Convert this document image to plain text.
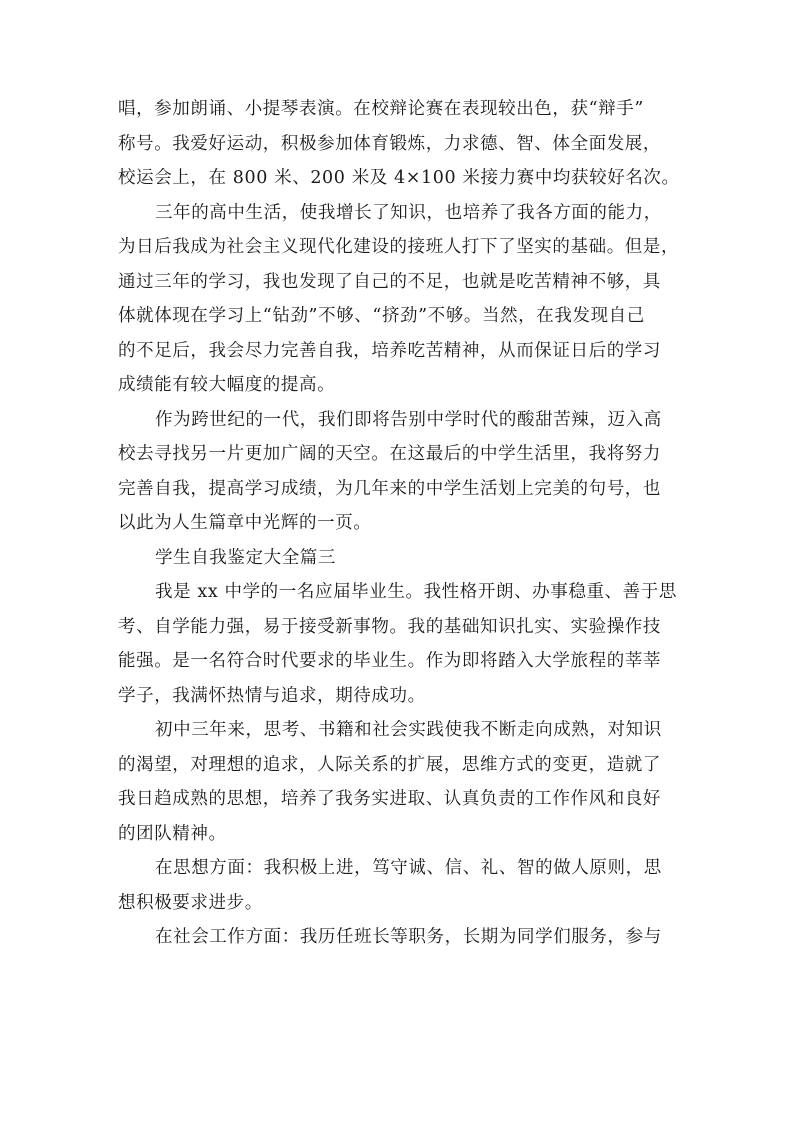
唱，参加朗诵、小提琴表演。在校辩论赛在表现较出色，获“辩手”
称号。我爱好运动，积极参加体育锻炼，力求德、智、体全面发展，
校运会上，在 800 米、200 米及 4×100 米接力赛中均获较好名次。
三年的高中生活，使我增长了知识，也培养了我各方面的能力，
为日后我成为社会主义现代化建设的接班人打下了坚实的基础。但是，
通过三年的学习，我也发现了自己的不足，也就是吃苦精神不够，具
体就体现在学习上“钻劲”不够、“挤劲”不够。当然，在我发现自己
的不足后，我会尽力完善自我，培养吃苦精神，从而保证日后的学习
成绩能有较大幅度的提高。
作为跨世纪的一代，我们即将告别中学时代的酸甜苦辣，迈入高
校去寻找另一片更加广阔的天空。在这最后的中学生活里，我将努力
完善自我，提高学习成绩，为几年来的中学生活划上完美的句号，也
以此为人生篇章中光辉的一页。
学生自我鉴定大全篇三
我是 xx 中学的一名应届毕业生。我性格开朗、办事稳重、善于思
考、自学能力强，易于接受新事物。我的基础知识扎实、实验操作技
能强。是一名符合时代要求的毕业生。作为即将踏入大学旅程的莘莘
学子，我满怀热情与追求，期待成功。
初中三年来，思考、书籍和社会实践使我不断走向成熟，对知识
的渴望，对理想的追求，人际关系的扩展，思维方式的变更，造就了
我日趋成熟的思想，培养了我务实进取、认真负责的工作作风和良好
的团队精神。
在思想方面：我积极上进，笃守诚、信、礼、智的做人原则，思
想积极要求进步。
在社会工作方面：我历任班长等职务，长期为同学们服务，参与
